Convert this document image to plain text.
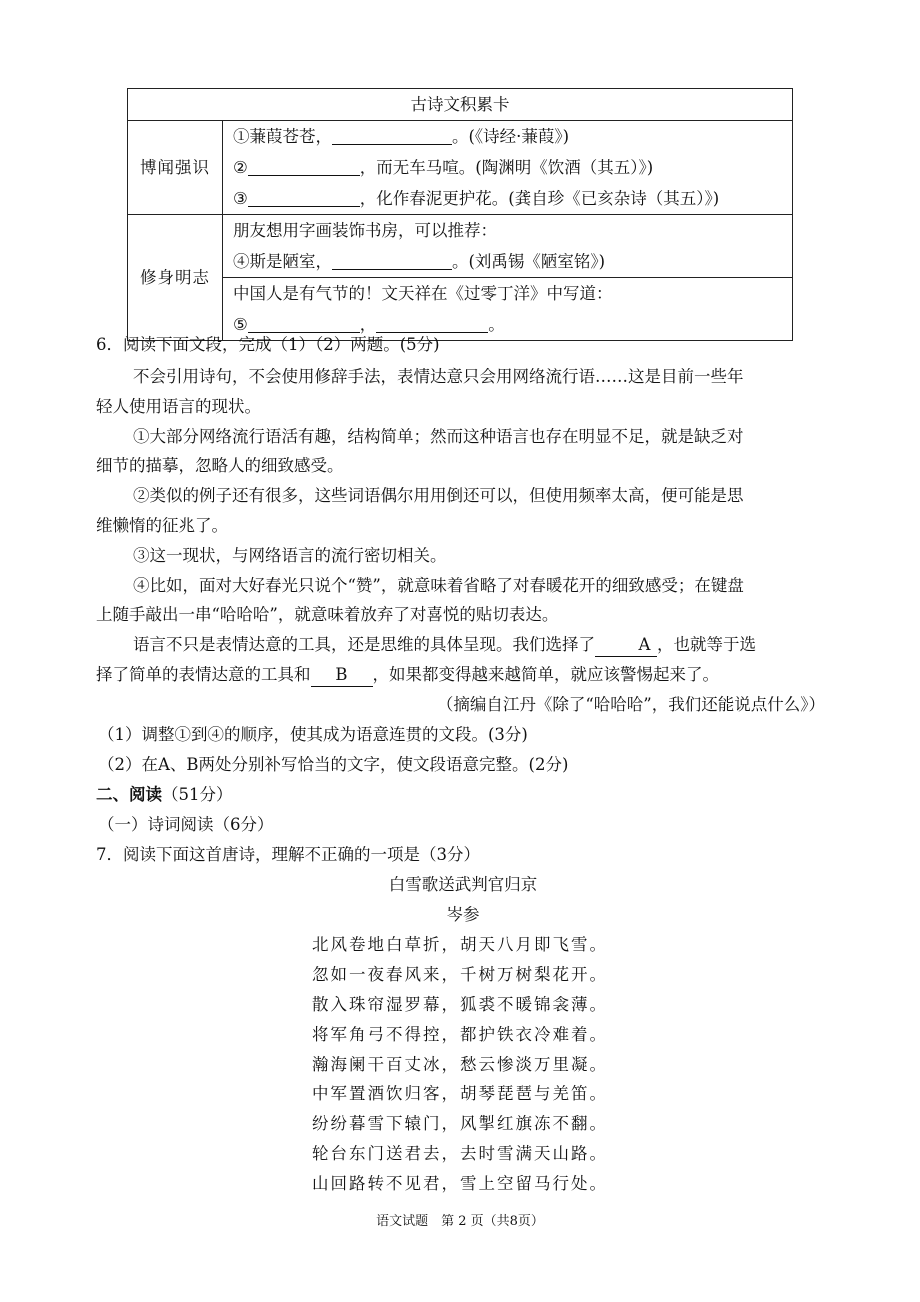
古诗文积累卡	
博闻强识	①蒹葭苍苍， 。(《诗经·蒹葭》)
② ，而无车马喧。(陶渊明《饮酒（其五）》)
③ ，化作春泥更护花。(龚自珍《已亥杂诗（其五）》)

修身明志	朋友想用字画装饰书房，可以推荐：
④斯是陋室， 。(刘禹锡《陋室铭》)

	中国人是有气节的！文天祥在《过零丁洋》中写道：
⑤ ， 。
6．阅读下面文段，完成（1）（2）两题。(5分)
不会引用诗句，不会使用修辞手法，表情达意只会用网络流行语……这是目前一些年
轻人使用语言的现状。
①大部分网络流行语活有趣，结构简单；然而这种语言也存在明显不足，就是缺乏对
细节的描摹，忽略人的细致感受。
②类似的例子还有很多，这些词语偶尔用用倒还可以，但使用频率太高，便可能是思
维懒惰的征兆了。
③这一现状，与网络语言的流行密切相关。
④比如，面对大好春光只说个“赞”，就意味着省略了对春暖花开的细致感受；在键盘
上随手敲出一串“哈哈哈”，就意味着放弃了对喜悦的贴切表达。
语言不只是表情达意的工具，还是思维的具体呈现。我们选择了	A ，也就等于选
择了简单的表情达意的工具和 B ，如果都变得越来越简单，就应该警惕起来了。
（摘编自江丹《除了“哈哈哈”，我们还能说点什么》）
（1）调整①到④的顺序，使其成为语意连贯的文段。(3分)
（2）在A、B两处分别补写恰当的文字，使文段语意完整。(2分)
二、阅读（51分）
（一）诗词阅读（6分）
7．阅读下面这首唐诗，理解不正确的一项是（3分）
白雪歌送武判官归京
岑参
北风卷地白草折，胡天八月即飞雪。
忽如一夜春风来，千树万树梨花开。
散入珠帘湿罗幕，狐裘不暖锦衾薄。
将军角弓不得控，都护铁衣冷难着。
瀚海阑干百丈冰，愁云惨淡万里凝。
中军置酒饮归客，胡琴琵琶与羌笛。
纷纷暮雪下辕门，风掣红旗冻不翻。
轮台东门送君去，去时雪满天山路。
山回路转不见君，雪上空留马行处。
语文试题　第 2 页（共8页）
